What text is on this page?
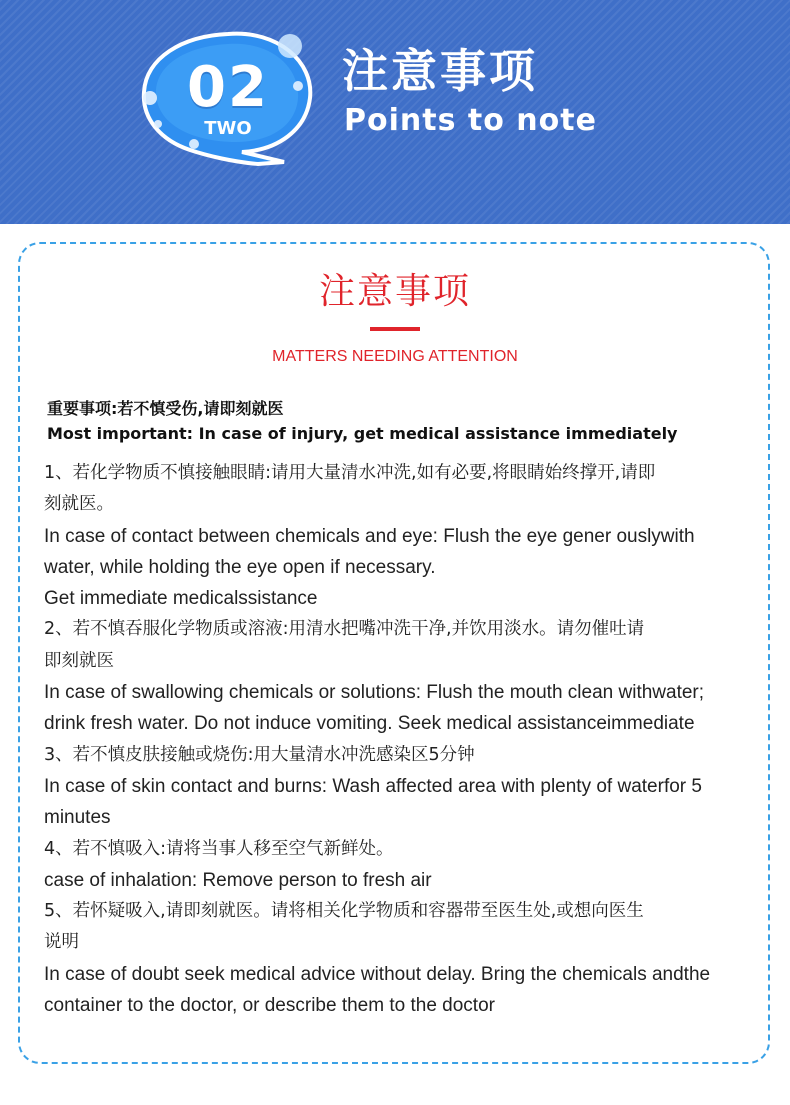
02
TWO
注意事项
Points to note
注意事项
MATTERS NEEDING ATTENTION
重要事项:若不慎受伤,请即刻就医
Most important: In case of injury, get medical assistance immediately
1、若化学物质不慎接触眼睛:请用大量清水冲洗,如有必要,将眼睛始终撑开,请即
刻就医。
In case of contact between chemicals and eye: Flush the eye gener ouslywith
water, while holding the eye open if necessary.
Get immediate medicalssistance
2、若不慎吞服化学物质或溶液:用清水把嘴冲洗干净,并饮用淡水。请勿催吐请
即刻就医
In case of swallowing chemicals or solutions: Flush the mouth clean withwater;
drink fresh water. Do not induce vomiting. Seek medical assistanceimmediate
3、若不慎皮肤接触或烧伤:用大量清水冲洗感染区5分钟
In case of skin contact and burns: Wash affected area with plenty of waterfor 5
minutes
4、若不慎吸入:请将当事人移至空气新鲜处。
case of inhalation: Remove person to fresh air
5、若怀疑吸入,请即刻就医。请将相关化学物质和容器带至医生处,或想向医生
说明
In case of doubt seek medical advice without delay. Bring the chemicals andthe
container to the doctor, or describe them to the doctor
